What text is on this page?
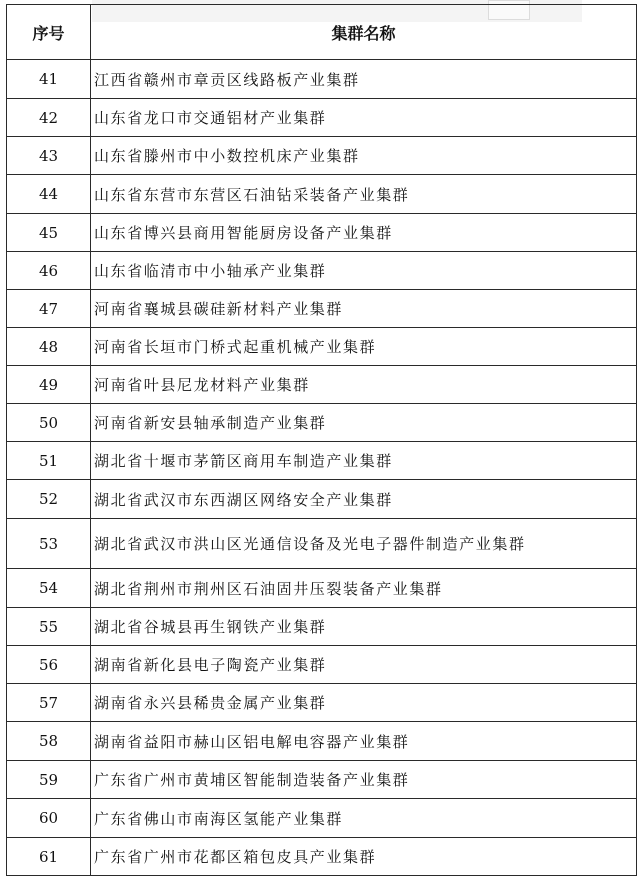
序号	集群名称
41	江西省赣州市章贡区线路板产业集群
42	山东省龙口市交通铝材产业集群
43	山东省滕州市中小数控机床产业集群
44	山东省东营市东营区石油钻采装备产业集群
45	山东省博兴县商用智能厨房设备产业集群
46	山东省临清市中小轴承产业集群
47	河南省襄城县碳硅新材料产业集群
48	河南省长垣市门桥式起重机械产业集群
49	河南省叶县尼龙材料产业集群
50	河南省新安县轴承制造产业集群
51	湖北省十堰市茅箭区商用车制造产业集群
52	湖北省武汉市东西湖区网络安全产业集群
53	湖北省武汉市洪山区光通信设备及光电子器件制造产业集群
54	湖北省荆州市荆州区石油固井压裂装备产业集群
55	湖北省谷城县再生钢铁产业集群
56	湖南省新化县电子陶瓷产业集群
57	湖南省永兴县稀贵金属产业集群
58	湖南省益阳市赫山区铝电解电容器产业集群
59	广东省广州市黄埔区智能制造装备产业集群
60	广东省佛山市南海区氢能产业集群
61	广东省广州市花都区箱包皮具产业集群
